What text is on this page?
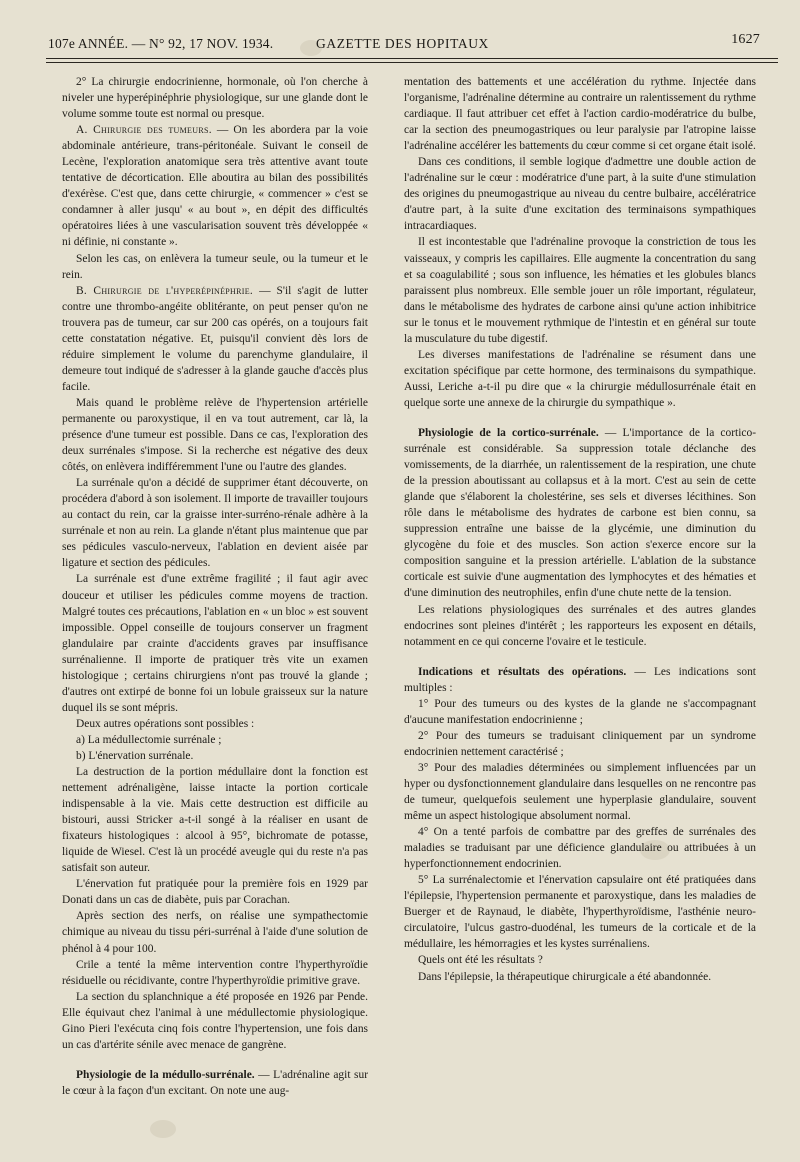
107e ANNÉE. — N° 92, 17 NOV. 1934.	GAZETTE DES HOPITAUX	1627

2° La chirurgie endocrinienne, hormonale, où l'on cherche à niveler une hyperépinéphrie physiologique, sur une glande dont le volume somme toute est normal ou presque.

A. Chirurgie des tumeurs. — On les abordera par la voie abdominale antérieure, trans-péritonéale. Suivant le conseil de Lecène, l'exploration anatomique sera très attentive avant toute tentative de décortication. Elle aboutira au bilan des possibilités d'exérèse. C'est que, dans cette chirurgie, « commencer » c'est se condamner à aller jusqu' « au bout », en dépit des difficultés opératoires liées à une vascularisation souvent très développée « ni définie, ni constante ».

Selon les cas, on enlèvera la tumeur seule, ou la tumeur et le rein.

B. Chirurgie de l'hyperépinéphrie. — S'il s'agit de lutter contre une thrombo-angéite oblitérante, on peut penser qu'on ne trouvera pas de tumeur, car sur 200 cas opérés, on a toujours fait cette constatation négative. Et, puisqu'il convient dès lors de réduire simplement le volume du parenchyme glandulaire, il demeure tout indiqué de s'adresser à la glande gauche d'accès plus facile.

Mais quand le problème relève de l'hypertension artérielle permanente ou paroxystique, il en va tout autrement, car là, la présence d'une tumeur est possible. Dans ce cas, l'exploration des deux surrénales s'impose. Si la recherche est négative des deux côtés, on enlèvera indifféremment l'une ou l'autre des glandes.

La surrénale qu'on a décidé de supprimer étant découverte, on procédera d'abord à son isolement. Il importe de travailler toujours au contact du rein, car la graisse inter-surréno-rénale adhère à la surrénale et non au rein. La glande n'étant plus maintenue que par ses pédicules vasculo-nerveux, l'ablation en devient aisée par ligature et section des pédicules.

La surrénale est d'une extrême fragilité ; il faut agir avec douceur et utiliser les pédicules comme moyens de traction. Malgré toutes ces précautions, l'ablation en « un bloc » est souvent impossible. Oppel conseille de toujours conserver un fragment glandulaire par crainte d'accidents graves par insuffisance surrénalienne. Il importe de pratiquer très vite un examen histologique ; certains chirurgiens n'ont pas trouvé la glande ; d'autres ont extirpé de bonne foi un lobule graisseux sur la nature duquel ils se sont mépris.

Deux autres opérations sont possibles :

a) La médullectomie surrénale ;

b) L'énervation surrénale.

La destruction de la portion médullaire dont la fonction est nettement adrénaligène, laisse intacte la portion corticale indispensable à la vie. Mais cette destruction est difficile au bistouri, aussi Stricker a-t-il songé à la réaliser en usant de fixateurs histologiques : alcool à 95°, bichromate de potasse, liquide de Wiesel. C'est là un procédé aveugle qui du reste n'a pas satisfait son auteur.

L'énervation fut pratiquée pour la première fois en 1929 par Donati dans un cas de diabète, puis par Corachan.

Après section des nerfs, on réalise une sympathectomie chimique au niveau du tissu péri-surrénal à l'aide d'une solution de phénol à 4 pour 100.

Crile a tenté la même intervention contre l'hyperthyroïdie résiduelle ou récidivante, contre l'hyperthyroïdie primitive grave.

La section du splanchnique a été proposée en 1926 par Pende. Elle équivaut chez l'animal à une médullectomie physiologique. Gino Pieri l'exécuta cinq fois contre l'hypertension, une fois dans un cas d'artérite sénile avec menace de gangrène.

Physiologie de la médullo-surrénale. — L'adrénaline agit sur le cœur à la façon d'un excitant. On note une aug-

mentation des battements et une accélération du rythme. Injectée dans l'organisme, l'adrénaline détermine au contraire un ralentissement du rythme cardiaque. Il faut attribuer cet effet à l'action cardio-modératrice du bulbe, car la section des pneumogastriques ou leur paralysie par l'atropine laisse l'adrénaline accélérer les battements du cœur comme si cet organe était isolé.

Dans ces conditions, il semble logique d'admettre une double action de l'adrénaline sur le cœur : modératrice d'une part, à la suite d'une stimulation des origines du pneumogastrique au niveau du centre bulbaire, accélératrice d'autre part, à la suite d'une excitation des terminaisons sympathiques intracardiaques.

Il est incontestable que l'adrénaline provoque la constriction de tous les vaisseaux, y compris les capillaires. Elle augmente la concentration du sang et sa coagulabilité ; sous son influence, les hématies et les globules blancs paraissent plus nombreux. Elle semble jouer un rôle important, régulateur, dans le métabolisme des hydrates de carbone ainsi qu'une action inhibitrice sur le tonus et le mouvement rythmique de l'intestin et en général sur toute la musculature du tube digestif.

Les diverses manifestations de l'adrénaline se résument dans une excitation spécifique par cette hormone, des terminaisons du sympathique. Aussi, Leriche a-t-il pu dire que « la chirurgie médullosurrénale était en quelque sorte une annexe de la chirurgie du sympathique ».

Physiologie de la cortico-surrénale. — L'importance de la cortico-surrénale est considérable. Sa suppression totale déclanche des vomissements, de la diarrhée, un ralentissement de la respiration, une chute de la pression aboutissant au collapsus et à la mort. C'est au sein de cette glande que s'élaborent la cholestérine, ses sels et diverses lécithines. Son rôle dans le métabolisme des hydrates de carbone est bien connu, sa suppression entraîne une baisse de la glycémie, une diminution du glycogène du foie et des muscles. Son action s'exerce encore sur la composition sanguine et la pression artérielle. L'ablation de la substance corticale est suivie d'une augmentation des lymphocytes et des hématies et d'une diminution des neutrophiles, enfin d'une chute nette de la tension.

Les relations physiologiques des surrénales et des autres glandes endocrines sont pleines d'intérêt ; les rapporteurs les exposent en détails, notamment en ce qui concerne l'ovaire et le testicule.

Indications et résultats des opérations. — Les indications sont multiples :

1° Pour des tumeurs ou des kystes de la glande ne s'accompagnant d'aucune manifestation endocrinienne ;

2° Pour des tumeurs se traduisant cliniquement par un syndrome endocrinien nettement caractérisé ;

3° Pour des maladies déterminées ou simplement influencées par un hyper ou dysfonctionnement glandulaire dans lesquelles on ne rencontre pas de tumeur, quelquefois seulement une hyperplasie glandulaire, souvent même un aspect histologique absolument normal.

4° On a tenté parfois de combattre par des greffes de surrénales des maladies se traduisant par une déficience glandulaire ou attribuées à un hyperfonctionnement endocrinien.

5° La surrénalectomie et l'énervation capsulaire ont été pratiquées dans l'épilepsie, l'hypertension permanente et paroxystique, dans les maladies de Buerger et de Raynaud, le diabète, l'hyperthyroïdisme, l'asthénie neuro-circulatoire, l'ulcus gastro-duodénal, les tumeurs de la corticale et de la médullaire, les hémorragies et les kystes surrénaliens.

Quels ont été les résultats ?

Dans l'épilepsie, la thérapeutique chirurgicale a été abandonnée.
